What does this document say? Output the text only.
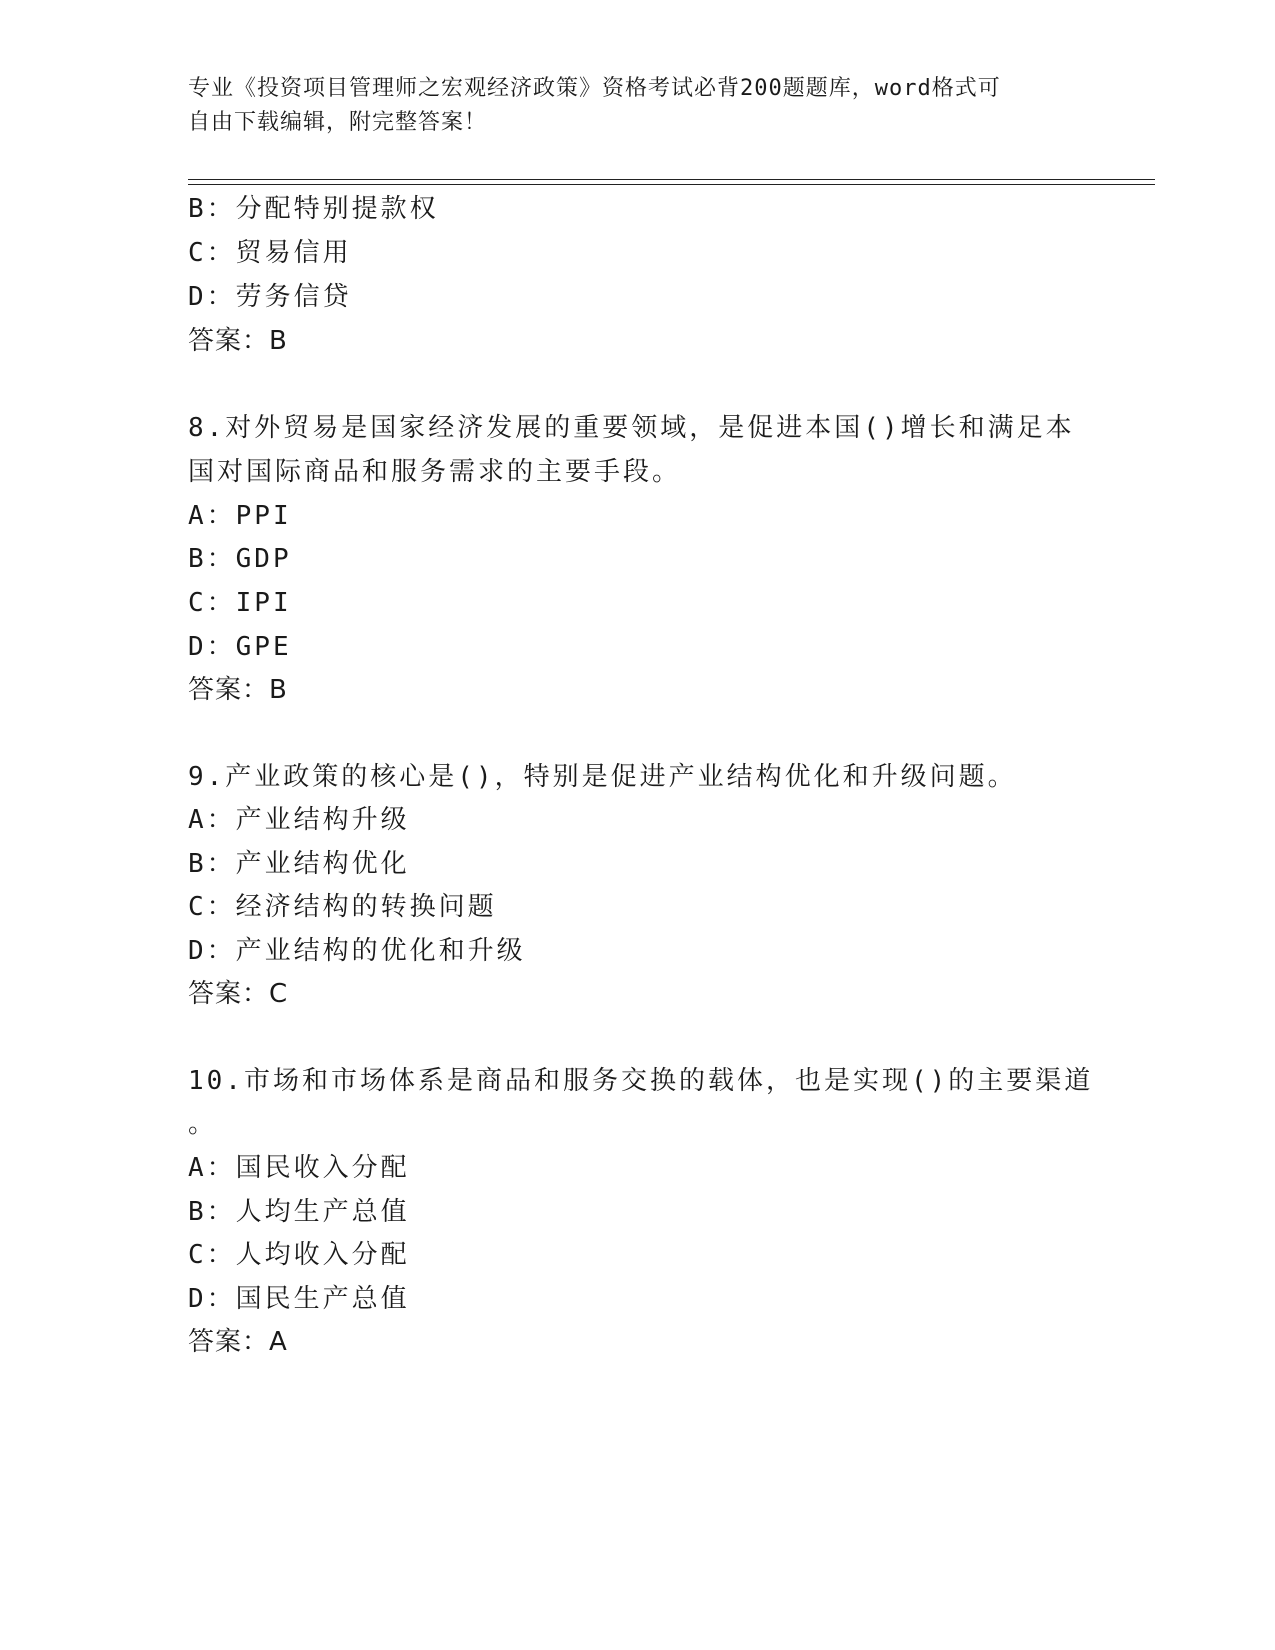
专业《投资项目管理师之宏观经济政策》资格考试必背200题题库，word格式可
自由下载编辑，附完整答案！
B：分配特别提款权
C：贸易信用
D：劳务信贷
答案：B
8.对外贸易是国家经济发展的重要领域，是促进本国()增长和满足本
国对国际商品和服务需求的主要手段。
A：PPI
B：GDP
C：IPI
D：GPE
答案：B
9.产业政策的核心是()，特别是促进产业结构优化和升级问题。
A：产业结构升级
B：产业结构优化
C：经济结构的转换问题
D：产业结构的优化和升级
答案：C
10.市场和市场体系是商品和服务交换的载体，也是实现()的主要渠道
。
A：国民收入分配
B：人均生产总值
C：人均收入分配
D：国民生产总值
答案：A
